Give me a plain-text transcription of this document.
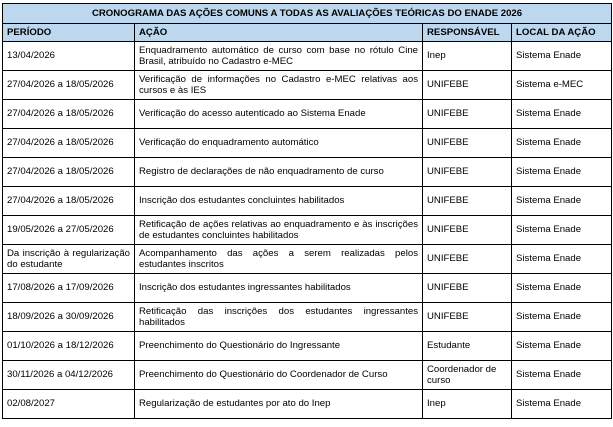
CRONOGRAMA DAS AÇÕES COMUNS A TODAS AS AVALIAÇÕES TEÓRICAS DO ENADE 2026			
PERÍODO	AÇÃO	RESPONSÁVEL	LOCAL DA AÇÃO
13/04/2026	Enquadramento automático de curso com base no rótulo Cine Brasil, atribuído no Cadastro e-MEC	Inep	Sistema Enade
27/04/2026 a 18/05/2026	Verificação de informações no Cadastro e-MEC relativas aos cursos e às IES	UNIFEBE	Sistema e-MEC
27/04/2026 a 18/05/2026	Verificação do acesso autenticado ao Sistema Enade	UNIFEBE	Sistema Enade
27/04/2026 a 18/05/2026	Verificação do enquadramento automático	UNIFEBE	Sistema Enade
27/04/2026 a 18/05/2026	Registro de declarações de não enquadramento de curso	UNIFEBE	Sistema Enade
27/04/2026 a 18/05/2026	Inscrição dos estudantes concluintes habilitados	UNIFEBE	Sistema Enade
19/05/2026 a 27/05/2026	Retificação de ações relativas ao enquadramento e às inscrições de estudantes concluintes habilitados	UNIFEBE	Sistema Enade
Da inscrição à regularização do estudante	Acompanhamento das ações a serem realizadas pelos estudantes inscritos	UNIFEBE	Sistema Enade
17/08/2026 a 17/09/2026	Inscrição dos estudantes ingressantes habilitados	UNIFEBE	Sistema Enade
18/09/2026 a 30/09/2026	Retificação das inscrições dos estudantes ingressantes habilitados	UNIFEBE	Sistema Enade
01/10/2026 a 18/12/2026	Preenchimento do Questionário do Ingressante	Estudante	Sistema Enade
30/11/2026 a 04/12/2026	Preenchimento do Questionário do Coordenador de Curso	Coordenador de curso	Sistema Enade
02/08/2027	Regularização de estudantes por ato do Inep	Inep	Sistema Enade
